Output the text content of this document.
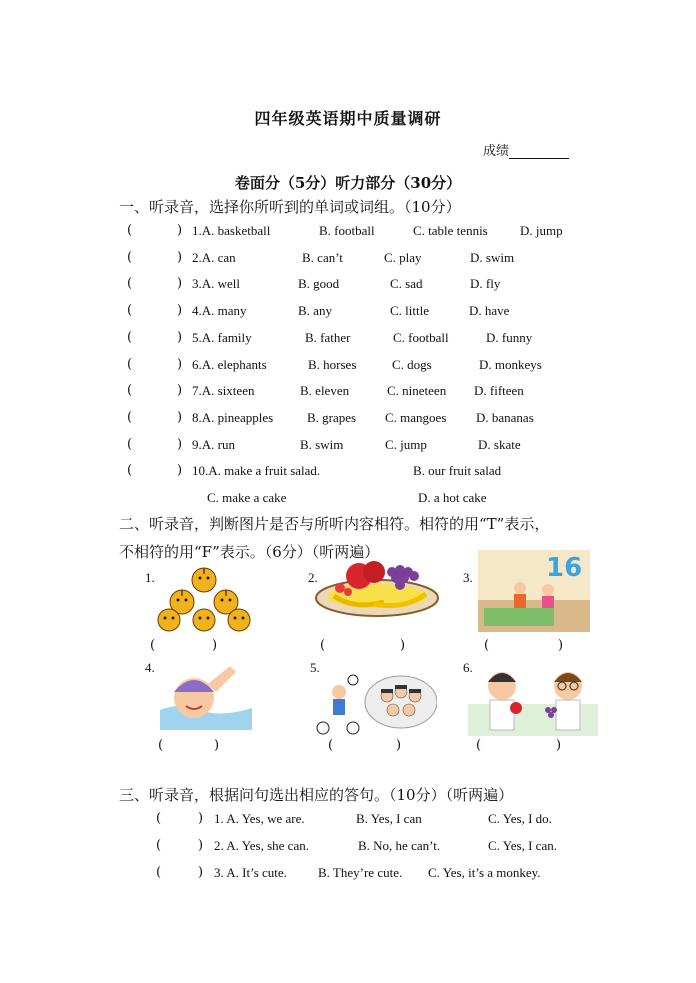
四年级英语期中质量调研
成绩
卷面分（5分）听力部分（30分）
一、听录音，选择你所听到的单词或词组。（10分）
(	) 1.A. basketball	B. football	C. table tennis D. jump
(	) 2.A. can	B. can’t	C. play	D. swim
(	) 3.A. well	B. good	C. sad	D. fly
(	) 4.A. many	B. any	C. little	D. have
(	) 5.A. family	B. father	C. football	D. funny
(	) 6.A. elephants	B. horses	C. dogs	D. monkeys
(	) 7.A. sixteen	B. eleven	C. nineteen D. fifteen
(	) 8.A. pineapples	B. grapes C. mangoes D. bananas
(	) 9.A. run	B. swim	C. jump	D. skate
(	) 10.A. make a fruit salad.	B. our fruit salad
C. make a cake	D. a hot cake
二、听录音，判断图片是否与所听内容相符。相符的用“T”表示，
不相符的用“F”表示。（6分）（听两遍）
1.	2.	3.
4.	5.	6.
16
(	)	(	)	(	)
(	)	(	)	(	)
三、听录音，根据问句选出相应的答句。（10分）（听两遍）
(	) 1. A. Yes, we are.	B. Yes, I can	C. Yes, I do.
(	) 2. A. Yes, she can.	B. No, he can’t.	C. Yes, I can.
(	) 3. A. It’s cute. B. They’re cute. C. Yes, it’s a monkey.
